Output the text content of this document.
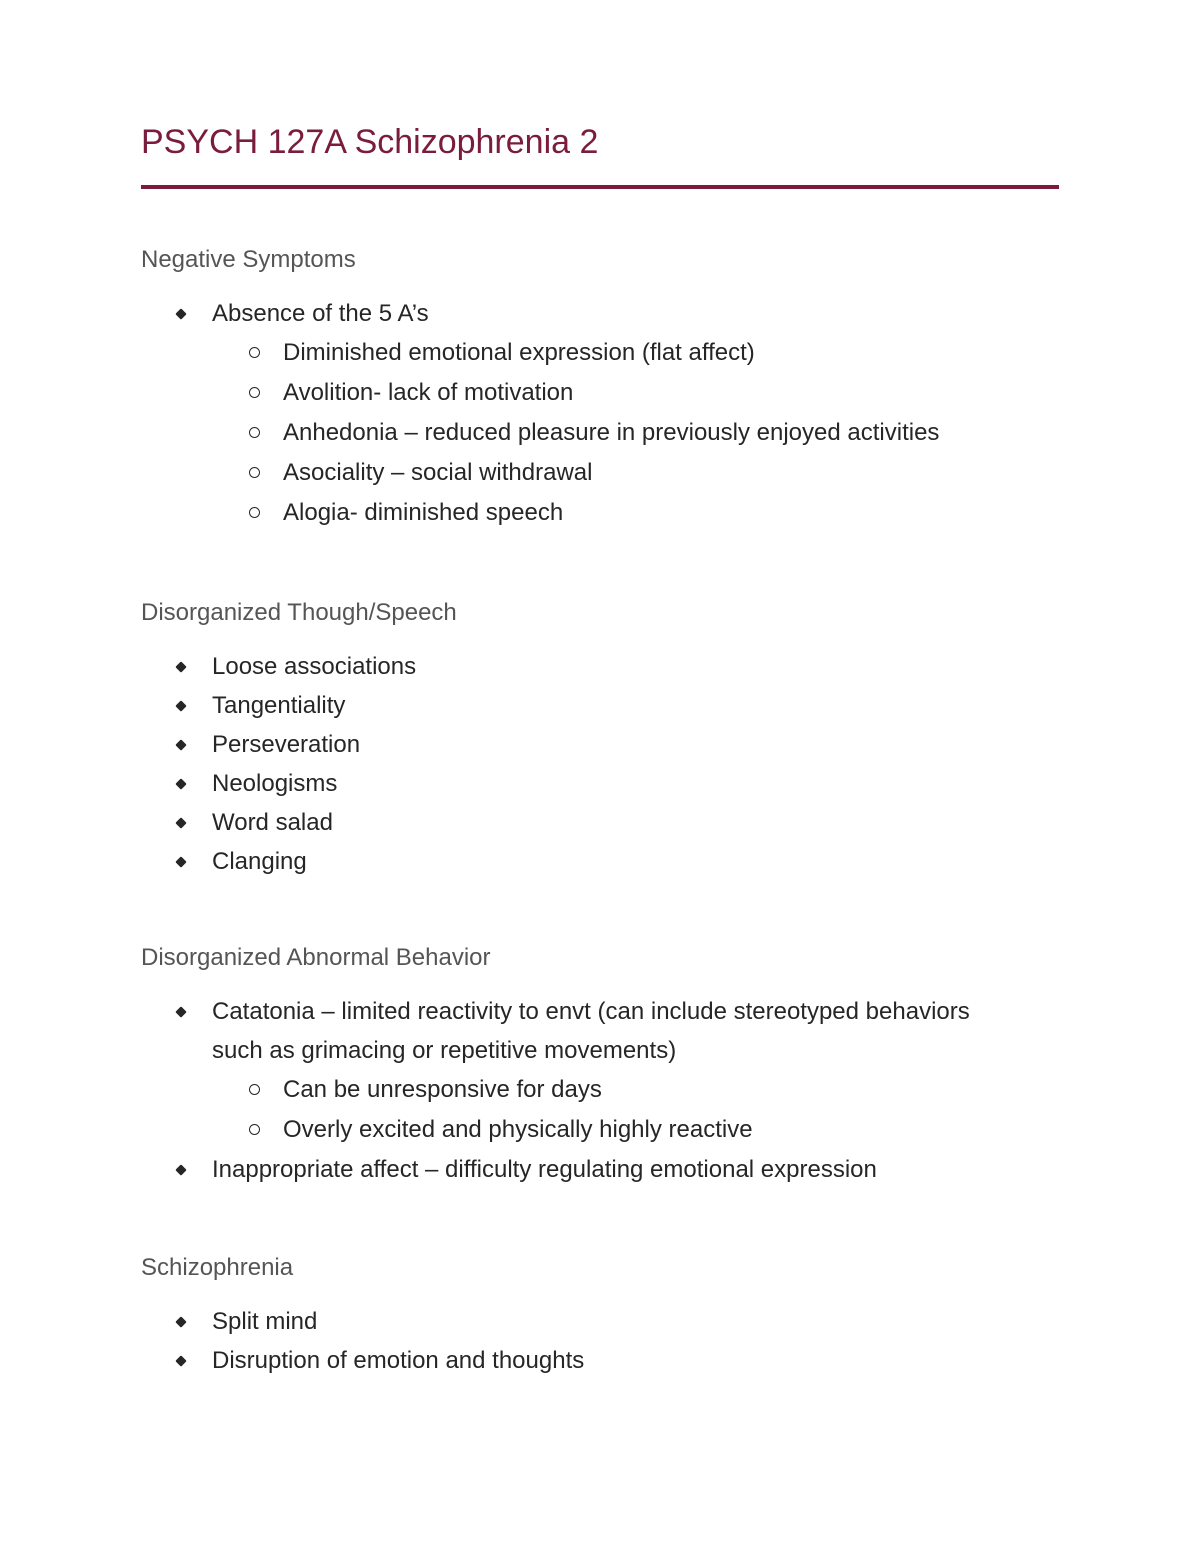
PSYCH 127A Schizophrenia 2
Negative Symptoms
Absence of the 5 A’s
Diminished emotional expression (flat affect)
Avolition- lack of motivation
Anhedonia – reduced pleasure in previously enjoyed activities
Asociality – social withdrawal
Alogia- diminished speech
Disorganized Though/Speech
Loose associations
Tangentiality
Perseveration
Neologisms
Word salad
Clanging
Disorganized Abnormal Behavior
Catatonia – limited reactivity to envt (can include stereotyped behaviors such as grimacing or repetitive movements)
Can be unresponsive for days
Overly excited and physically highly reactive
Inappropriate affect – difficulty regulating emotional expression
Schizophrenia
Split mind
Disruption of emotion and thoughts
